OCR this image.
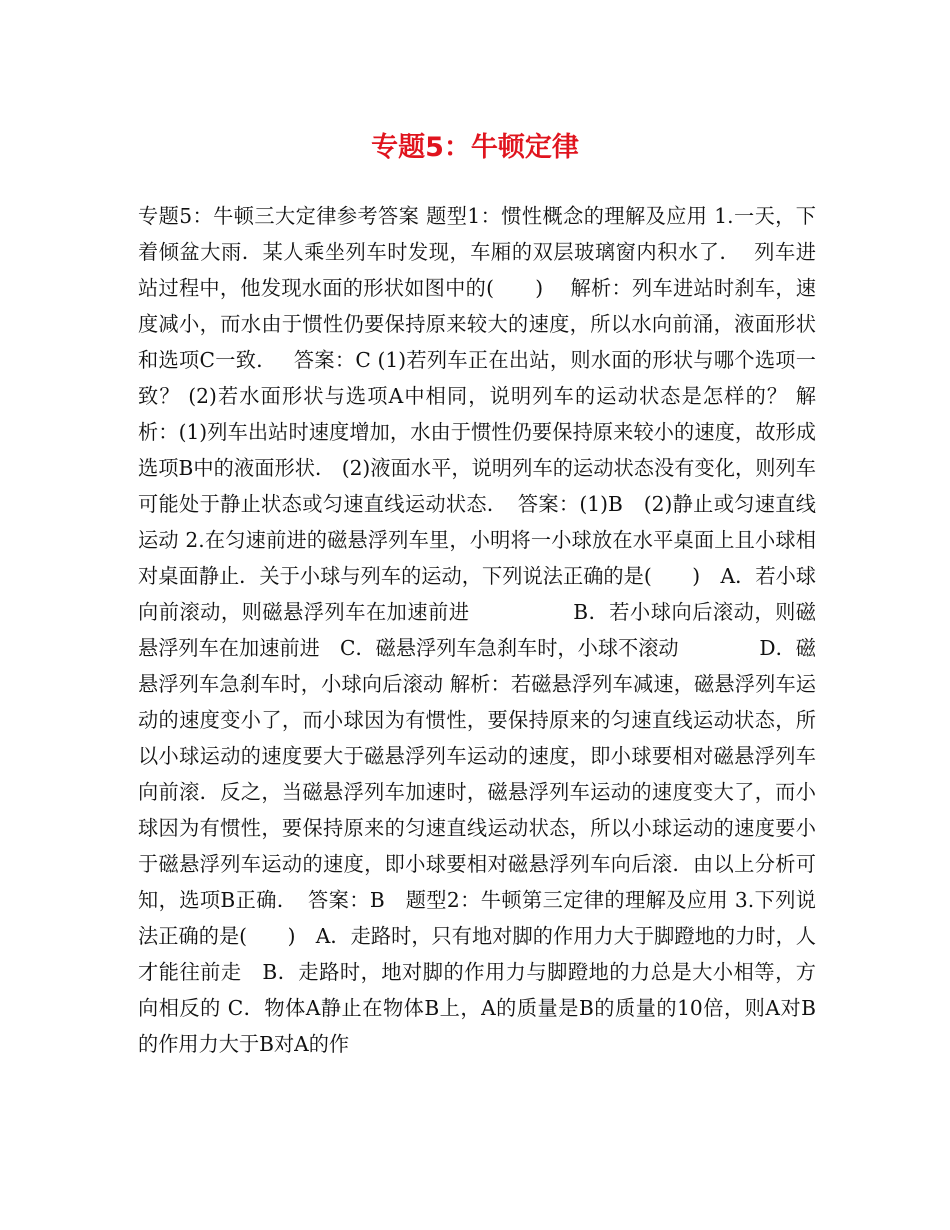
专题5：牛顿定律

专题5：牛顿三大定律参考答案 题型1：惯性概念的理解及应用 1.一天，下着倾盆大雨．某人乘坐列车时发现，车厢的双层玻璃窗内积水了．  列车进站过程中，他发现水面的形状如图中的(　　)　 解析：列车进站时刹车，速度减小，而水由于惯性仍要保持原来较大的速度，所以水向前涌，液面形状和选项C一致．　 答案：C (1)若列车正在出站，则水面的形状与哪个选项一致？ (2)若水面形状与选项A中相同，说明列车的运动状态是怎样的？ 解析：(1)列车出站时速度增加，水由于惯性仍要保持原来较小的速度，故形成选项B中的液面形状． (2)液面水平，说明列车的运动状态没有变化，则列车可能处于静止状态或匀速直线运动状态．　答案：(1)B　(2)静止或匀速直线运动 2.在匀速前进的磁悬浮列车里，小明将一小球放在水平桌面上且小球相对桌面静止．关于小球与列车的运动，下列说法正确的是(　　)　A．若小球向前滚动，则磁悬浮列车在加速前进　　　　　B．若小球向后滚动，则磁悬浮列车在加速前进　C．磁悬浮列车急刹车时，小球不滚动　　　　D．磁悬浮列车急刹车时，小球向后滚动 解析：若磁悬浮列车减速，磁悬浮列车运动的速度变小了，而小球因为有惯性，要保持原来的匀速直线运动状态，所以小球运动的速度要大于磁悬浮列车运动的速度，即小球要相对磁悬浮列车向前滚．反之，当磁悬浮列车加速时，磁悬浮列车运动的速度变大了，而小球因为有惯性，要保持原来的匀速直线运动状态，所以小球运动的速度要小于磁悬浮列车运动的速度，即小球要相对磁悬浮列车向后滚．由以上分析可知，选项B正确．　答案：B　题型2：牛顿第三定律的理解及应用 3.下列说法正确的是(　　)　A．走路时，只有地对脚的作用力大于脚蹬地的力时，人才能往前走　B．走路时，地对脚的作用力与脚蹬地的力总是大小相等，方向相反的 C．物体A静止在物体B上，A的质量是B的质量的10倍，则A对B的作用力大于B对A的作
